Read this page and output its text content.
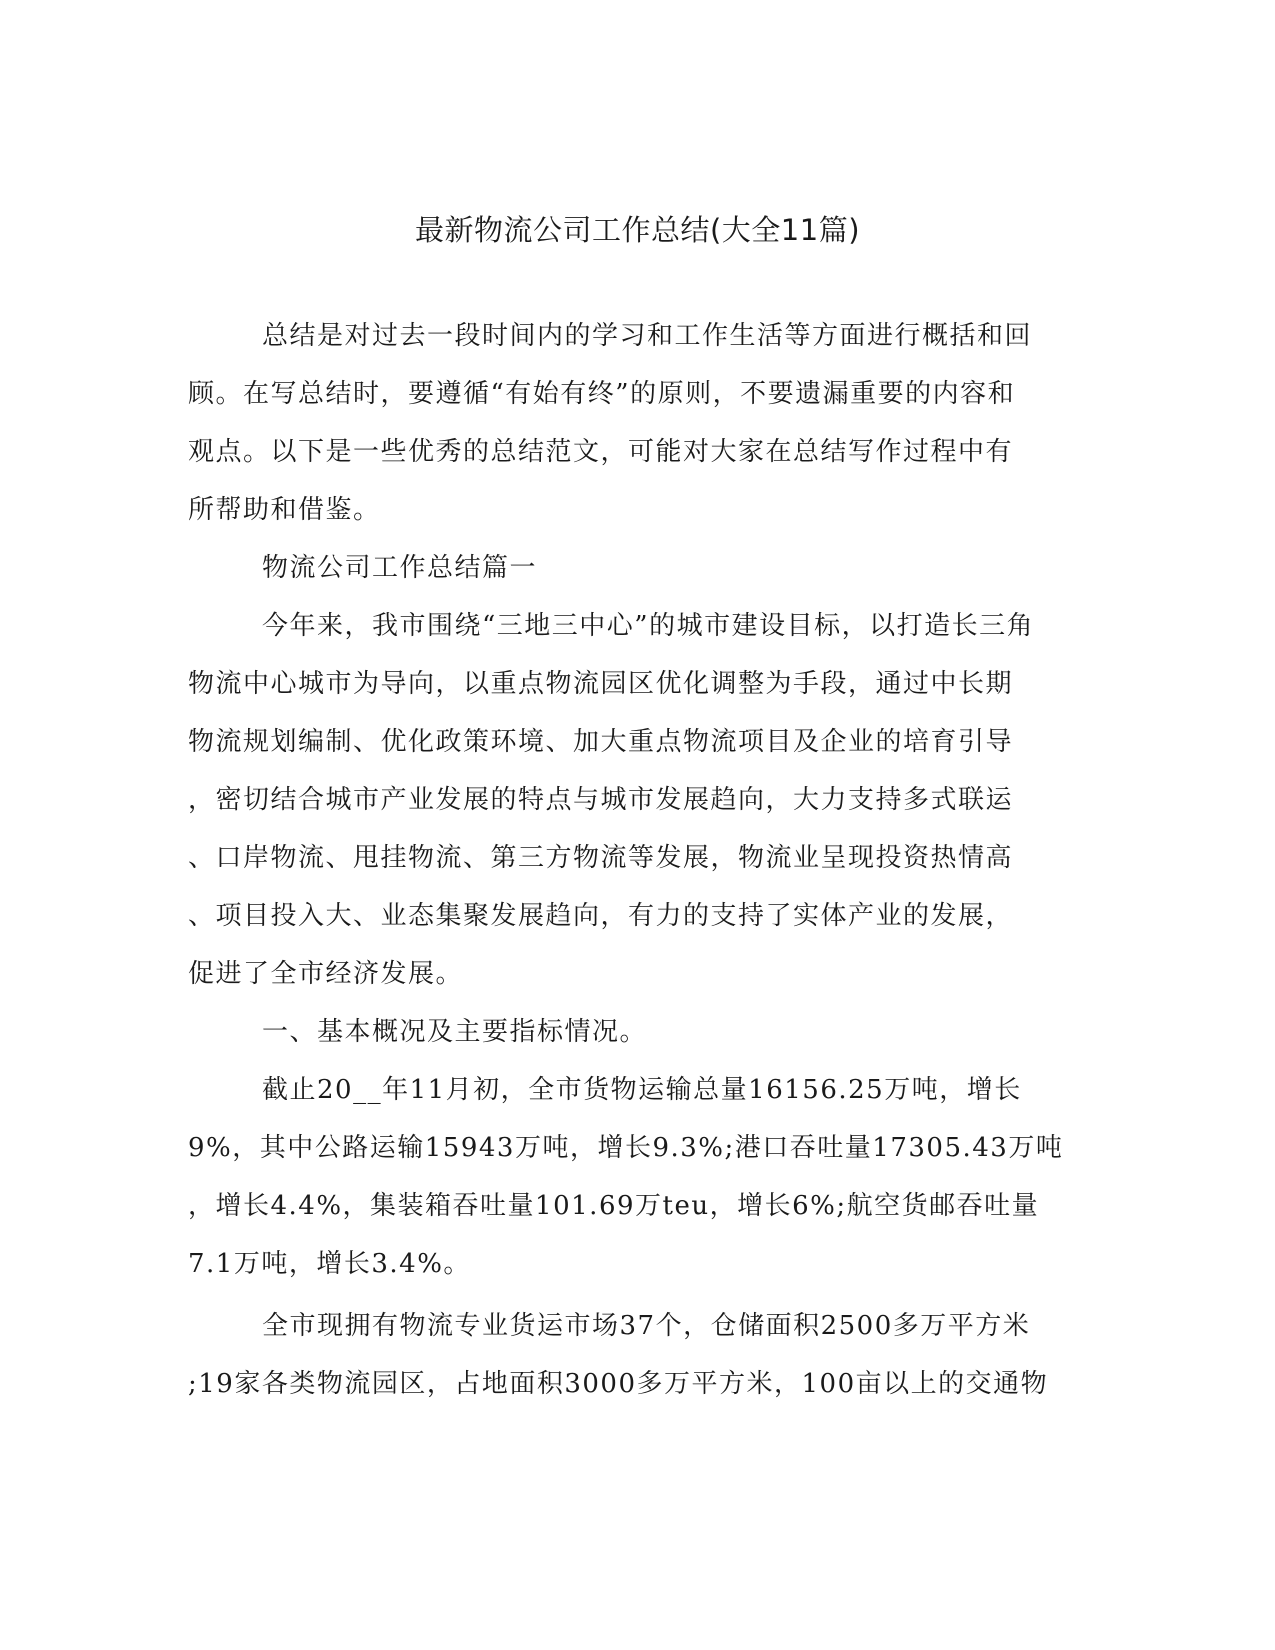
最新物流公司工作总结(大全11篇)

总结是对过去一段时间内的学习和工作生活等方面进行概括和回

顾。在写总结时，要遵循“有始有终”的原则，不要遗漏重要的内容和

观点。以下是一些优秀的总结范文，可能对大家在总结写作过程中有

所帮助和借鉴。

物流公司工作总结篇一

今年来，我市围绕“三地三中心”的城市建设目标，以打造长三角

物流中心城市为导向，以重点物流园区优化调整为手段，通过中长期

物流规划编制、优化政策环境、加大重点物流项目及企业的培育引导

，密切结合城市产业发展的特点与城市发展趋向，大力支持多式联运

、口岸物流、甩挂物流、第三方物流等发展，物流业呈现投资热情高

、项目投入大、业态集聚发展趋向，有力的支持了实体产业的发展，

促进了全市经济发展。

一、基本概况及主要指标情况。

截止20__年11月初，全市货物运输总量16156.25万吨，增长

9%，其中公路运输15943万吨，增长9.3%;港口吞吐量17305.43万吨

，增长4.4%，集装箱吞吐量101.69万teu，增长6%;航空货邮吞吐量

7.1万吨，增长3.4%。

全市现拥有物流专业货运市场37个，仓储面积2500多万平方米

;19家各类物流园区，占地面积3000多万平方米，100亩以上的交通物
